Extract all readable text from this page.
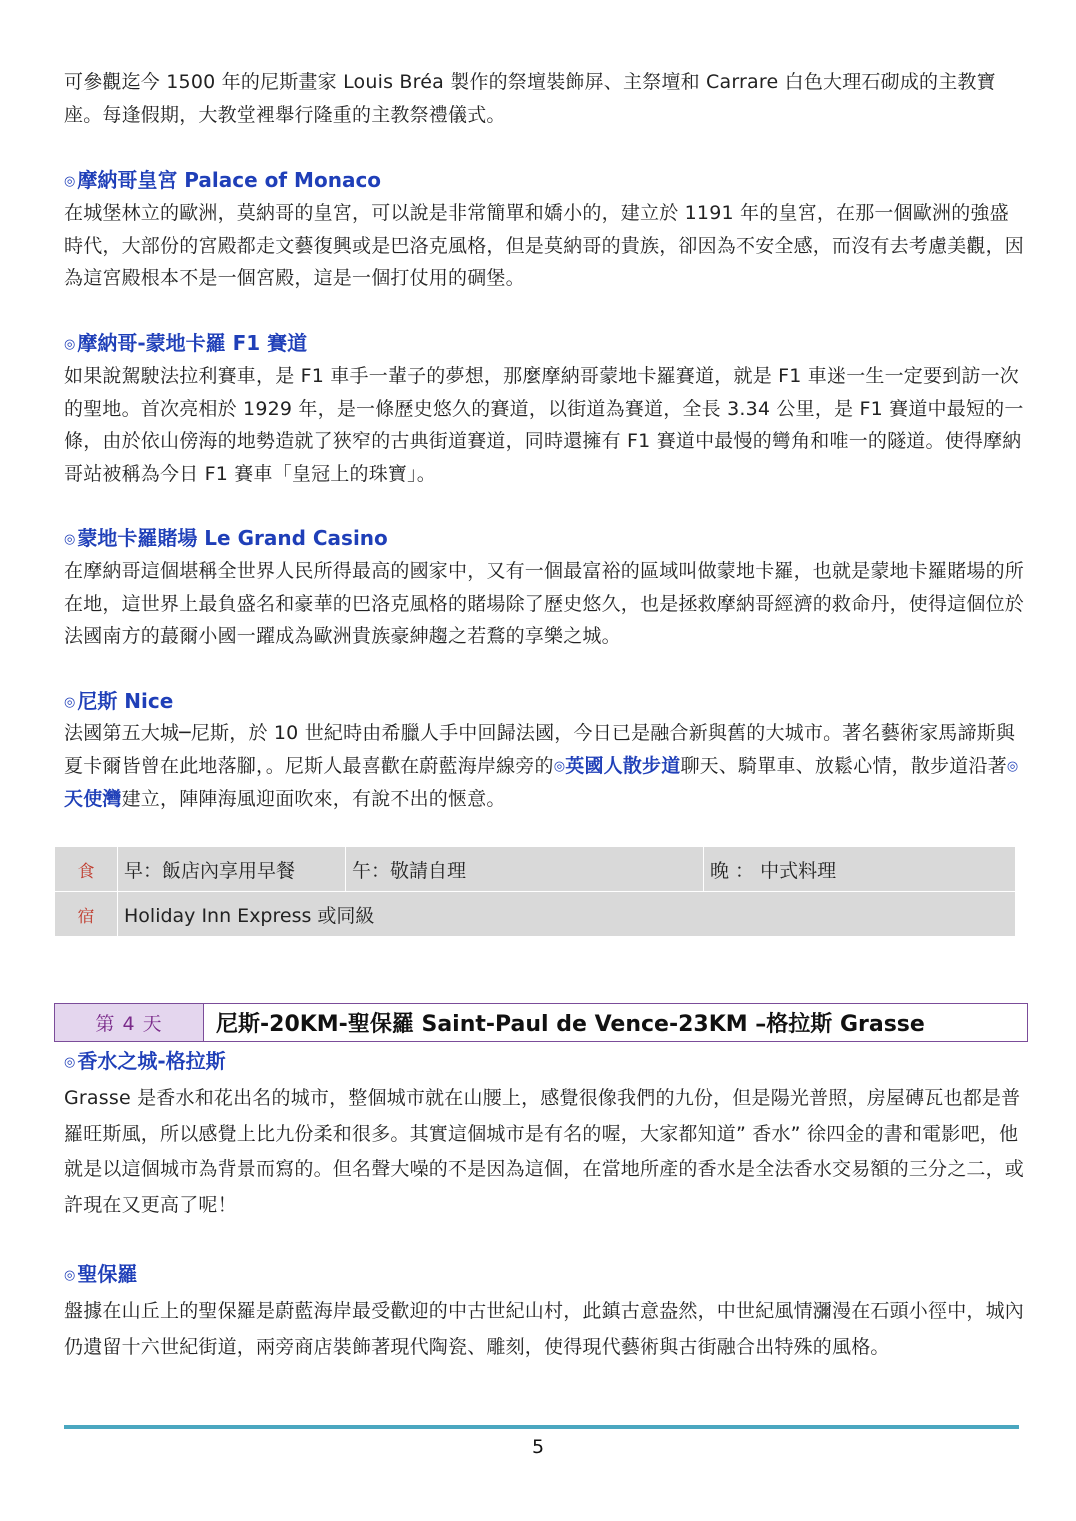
可參觀迄今 1500 年的尼斯畫家 Louis Bréa 製作的祭壇裝飾屏、主祭壇和 Carrare 白色大理石砌成的主教寶座。每逢假期，大教堂裡舉行隆重的主教祭禮儀式。

◎ 摩納哥皇宮 Palace of Monaco

在城堡林立的歐洲，莫納哥的皇宮，可以說是非常簡單和嬌小的，建立於 1191 年的皇宮，在那一個歐洲的強盛時代，大部份的宮殿都走文藝復興或是巴洛克風格，但是莫納哥的貴族，卻因為不安全感，而沒有去考慮美觀，因為這宮殿根本不是一個宮殿，這是一個打仗用的碉堡。

◎ 摩納哥-蒙地卡羅 F1 賽道

如果說駕駛法拉利賽車，是 F1 車手一輩子的夢想，那麼摩納哥蒙地卡羅賽道，就是 F1 車迷一生一定要到訪一次的聖地。首次亮相於 1929 年，是一條歷史悠久的賽道，以街道為賽道，全長 3.34 公里，是 F1 賽道中最短的一條，由於依山傍海的地勢造就了狹窄的古典街道賽道，同時還擁有 F1 賽道中最慢的彎角和唯一的隧道。使得摩納哥站被稱為今日 F1 賽車「皇冠上的珠寶」。

◎ 蒙地卡羅賭場 Le Grand Casino

在摩納哥這個堪稱全世界人民所得最高的國家中，又有一個最富裕的區域叫做蒙地卡羅，也就是蒙地卡羅賭場的所在地，這世界上最負盛名和豪華的巴洛克風格的賭場除了歷史悠久，也是拯救摩納哥經濟的救命丹，使得這個位於法國南方的蕞爾小國一躍成為歐洲貴族豪紳趨之若鶩的享樂之城。

◎ 尼斯 Nice

法國第五大城─尼斯，於 10 世紀時由希臘人手中回歸法國，今日已是融合新與舊的大城市。著名藝術家馬諦斯與夏卡爾皆曾在此地落腳，。尼斯人最喜歡在蔚藍海岸線旁的◎英國人散步道聊天、騎單車、放鬆心情，散步道沿著◎天使灣建立，陣陣海風迎面吹來，有說不出的愜意。

食	早：飯店內享用早餐	午：敬請自理	晚 ： 中式料理
宿	Holiday Inn Express 或同級		
第 4 天	尼斯-20KM-聖保羅 Saint-Paul de Vence-23KM –格拉斯 Grasse
◎ 香水之城-格拉斯

Grasse 是香水和花出名的城市，整個城市就在山腰上，感覺很像我們的九份，但是陽光普照，房屋磚瓦也都是普羅旺斯風，所以感覺上比九份柔和很多。其實這個城市是有名的喔，大家都知道” 香水” 徐四金的書和電影吧，他就是以這個城市為背景而寫的。但名聲大噪的不是因為這個，在當地所產的香水是全法香水交易額的三分之二，或許現在又更高了呢！

◎ 聖保羅

盤據在山丘上的聖保羅是蔚藍海岸最受歡迎的中古世紀山村，此鎮古意盎然，中世紀風情瀰漫在石頭小徑中，城內仍遺留十六世紀街道，兩旁商店裝飾著現代陶瓷、雕刻，使得現代藝術與古街融合出特殊的風格。

5
